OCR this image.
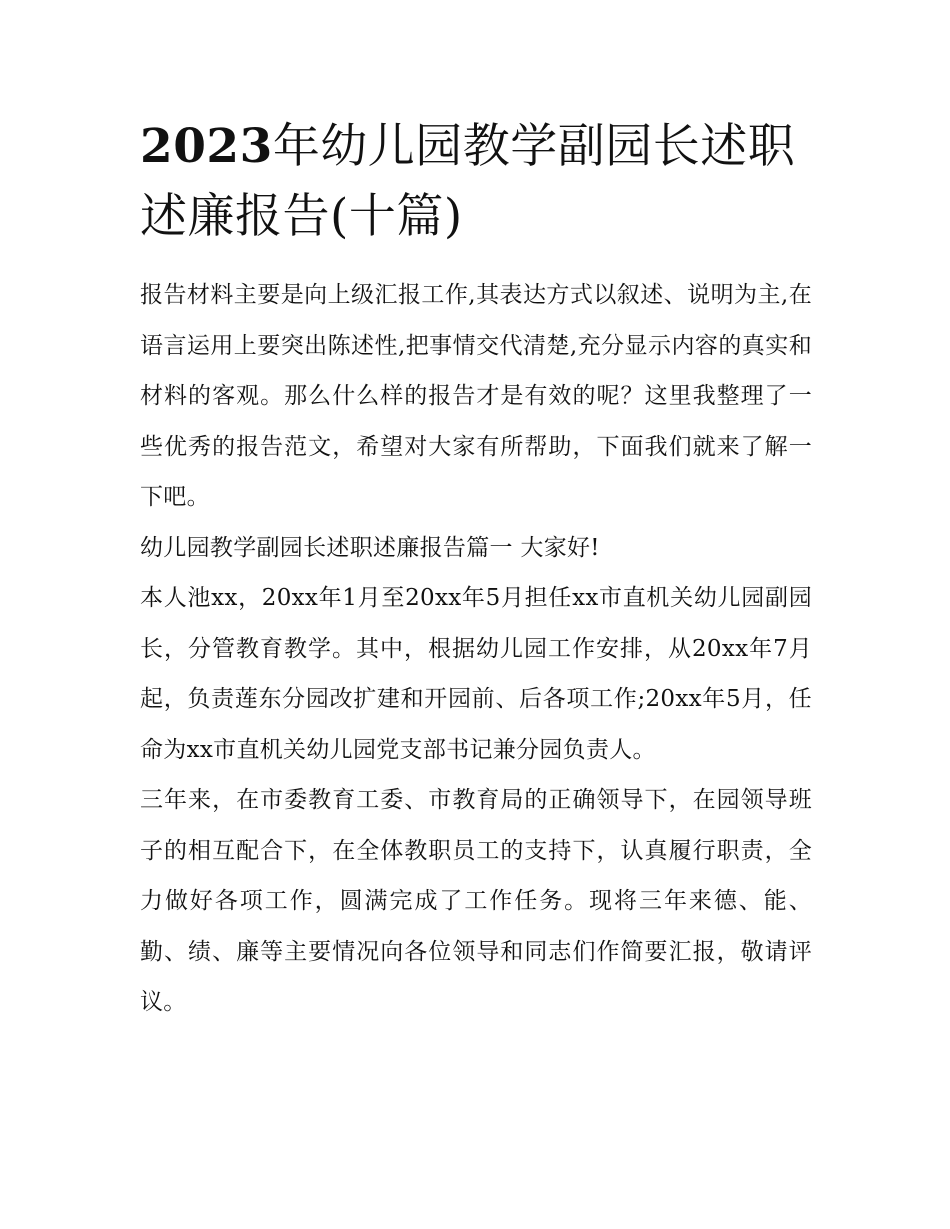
2023年幼儿园教学副园长述职述廉报告(十篇)

报告材料主要是向上级汇报工作,其表达方式以叙述、说明为主,在语言运用上要突出陈述性,把事情交代清楚,充分显示内容的真实和材料的客观。那么什么样的报告才是有效的呢？这里我整理了一些优秀的报告范文，希望对大家有所帮助，下面我们就来了解一下吧。

幼儿园教学副园长述职述廉报告篇一 大家好!

本人池xx，20xx年1月至20xx年5月担任xx市直机关幼儿园副园长，分管教育教学。其中，根据幼儿园工作安排，从20xx年7月起，负责莲东分园改扩建和开园前、后各项工作;20xx年5月，任命为xx市直机关幼儿园党支部书记兼分园负责人。

三年来，在市委教育工委、市教育局的正确领导下，在园领导班子的相互配合下，在全体教职员工的支持下，认真履行职责，全力做好各项工作，圆满完成了工作任务。现将三年来德、能、勤、绩、廉等主要情况向各位领导和同志们作简要汇报，敬请评议。
